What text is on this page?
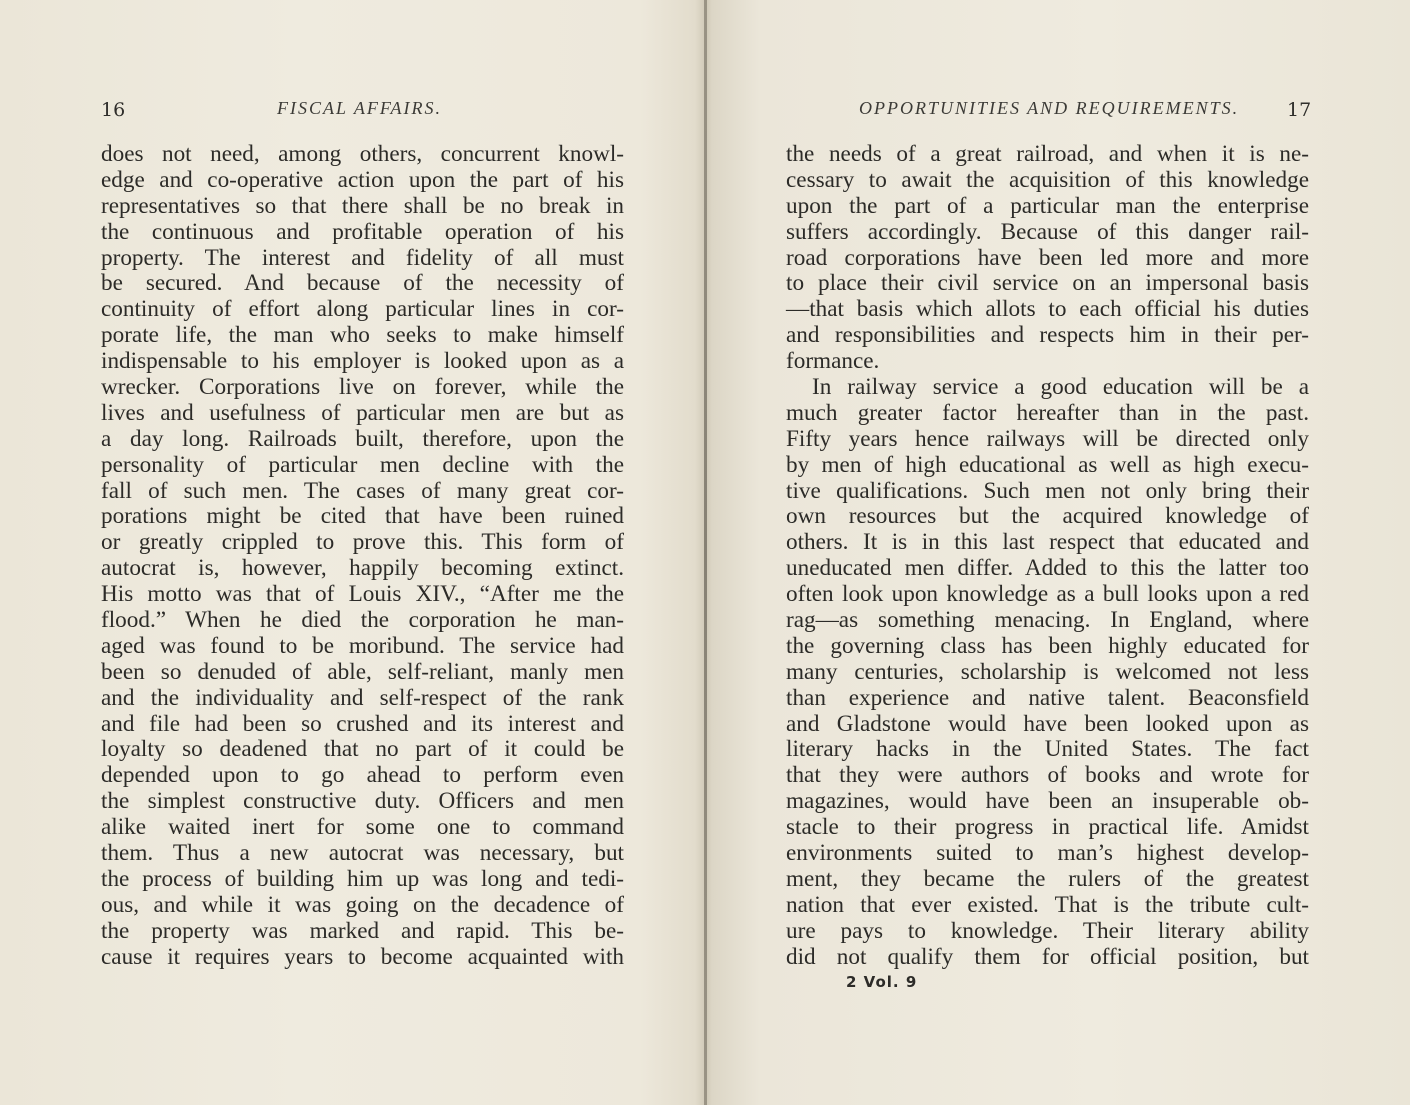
16	FISCAL AFFAIRS.
does not need, among others, concurrent knowl-
edge and co-operative action upon the part of his
representatives so that there shall be no break in
the continuous and profitable operation of his
property. The interest and fidelity of all must
be secured. And because of the necessity of
continuity of effort along particular lines in cor-
porate life, the man who seeks to make himself
indispensable to his employer is looked upon as a
wrecker. Corporations live on forever, while the
lives and usefulness of particular men are but as
a day long. Railroads built, therefore, upon the
personality of particular men decline with the
fall of such men. The cases of many great cor-
porations might be cited that have been ruined
or greatly crippled to prove this. This form of
autocrat is, however, happily becoming extinct.
His motto was that of Louis XIV., “After me the
flood.” When he died the corporation he man-
aged was found to be moribund. The service had
been so denuded of able, self-reliant, manly men
and the individuality and self-respect of the rank
and file had been so crushed and its interest and
loyalty so deadened that no part of it could be
depended upon to go ahead to perform even
the simplest constructive duty. Officers and men
alike waited inert for some one to command
them. Thus a new autocrat was necessary, but
the process of building him up was long and tedi-
ous, and while it was going on the decadence of
the property was marked and rapid. This be-
cause it requires years to become acquainted with
OPPORTUNITIES AND REQUIREMENTS.	17
the needs of a great railroad, and when it is ne-
cessary to await the acquisition of this knowledge
upon the part of a particular man the enterprise
suffers accordingly. Because of this danger rail-
road corporations have been led more and more
to place their civil service on an impersonal basis
—that basis which allots to each official his duties
and responsibilities and respects him in their per-
formance.
In railway service a good education will be a
much greater factor hereafter than in the past.
Fifty years hence railways will be directed only
by men of high educational as well as high execu-
tive qualifications. Such men not only bring their
own resources but the acquired knowledge of
others. It is in this last respect that educated and
uneducated men differ. Added to this the latter too
often look upon knowledge as a bull looks upon a red
rag—as something menacing. In England, where
the governing class has been highly educated for
many centuries, scholarship is welcomed not less
than experience and native talent. Beaconsfield
and Gladstone would have been looked upon as
literary hacks in the United States. The fact
that they were authors of books and wrote for
magazines, would have been an insuperable ob-
stacle to their progress in practical life. Amidst
environments suited to man’s highest develop-
ment, they became the rulers of the greatest
nation that ever existed. That is the tribute cult-
ure pays to knowledge. Their literary ability
did not qualify them for official position, but
2 Vol. 9
